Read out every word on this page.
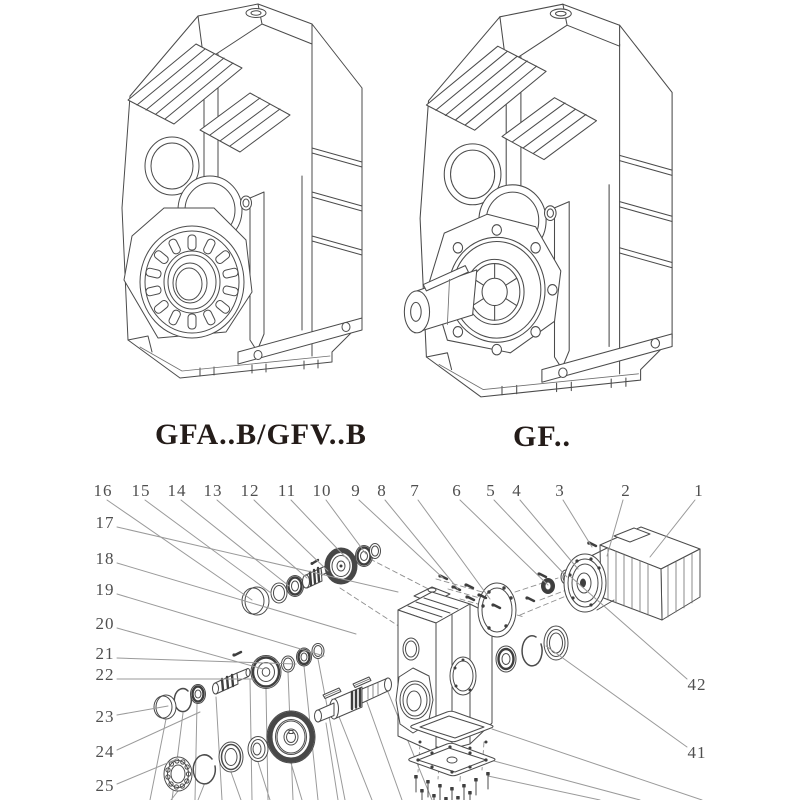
16 15 14 13 12 11 10 9 8 7 6 5 4 3	2	1
17
18
19
20
21
22
23
24
25
42
41
GFA..B/GFV..B	GF..
